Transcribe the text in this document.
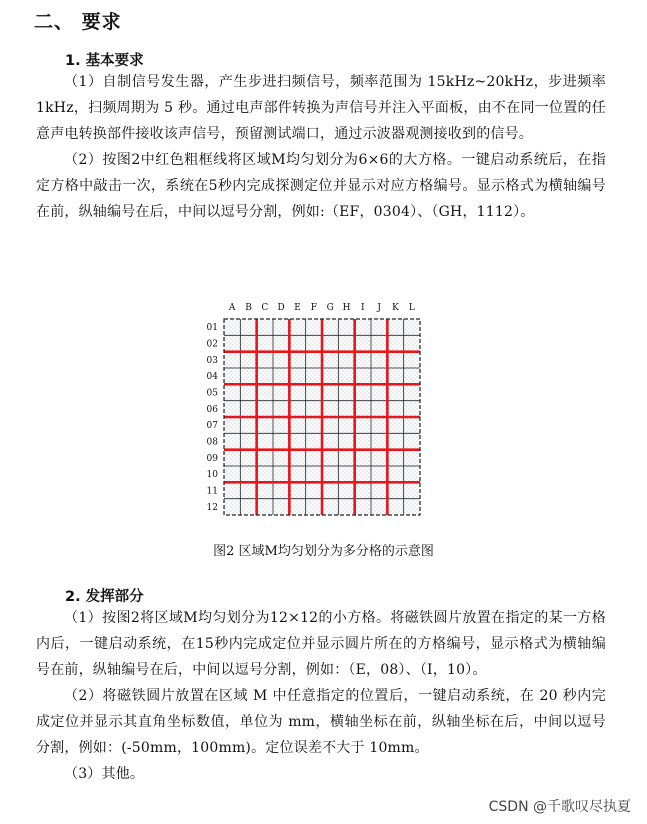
二、 要求
1. 基本要求

（1）自制信号发生器，产生步进扫频信号，频率范围为 15kHz~20kHz，步进频率 1kHz，扫频周期为 5 秒。通过电声部件转换为声信号并注入平面板，由不在同一位置的任意声电转换部件接收该声信号，预留测试端口，通过示波器观测接收到的信号。

（2）按图2中红色粗框线将区域M均匀划分为6×6的大方格。一键启动系统后，在指定方格中敲击一次，系统在5秒内完成探测定位并显示对应方格编号。显示格式为横轴编号在前，纵轴编号在后，中间以逗号分割，例如:（EF，0304）、（GH，1112）。

A B C D E F G H I J K L
01
02
03
04
05
06
07
08
09
10
11
12
图2 区域M均匀划分为多分格的示意图
2. 发挥部分

（1）按图2将区域M均匀划分为12×12的小方格。将磁铁圆片放置在指定的某一方格内后，一键启动系统，在15秒内完成定位并显示圆片所在的方格编号，显示格式为横轴编号在前，纵轴编号在后，中间以逗号分割，例如：（E，08）、（I，10）。

（2）将磁铁圆片放置在区域 M 中任意指定的位置后，一键启动系统，在 20 秒内完成定位并显示其直角坐标数值，单位为 mm，横轴坐标在前，纵轴坐标在后，中间以逗号分割，例如：(-50mm，100mm)。定位误差不大于 10mm。

（3）其他。

CSDN @千歌叹尽执夏
